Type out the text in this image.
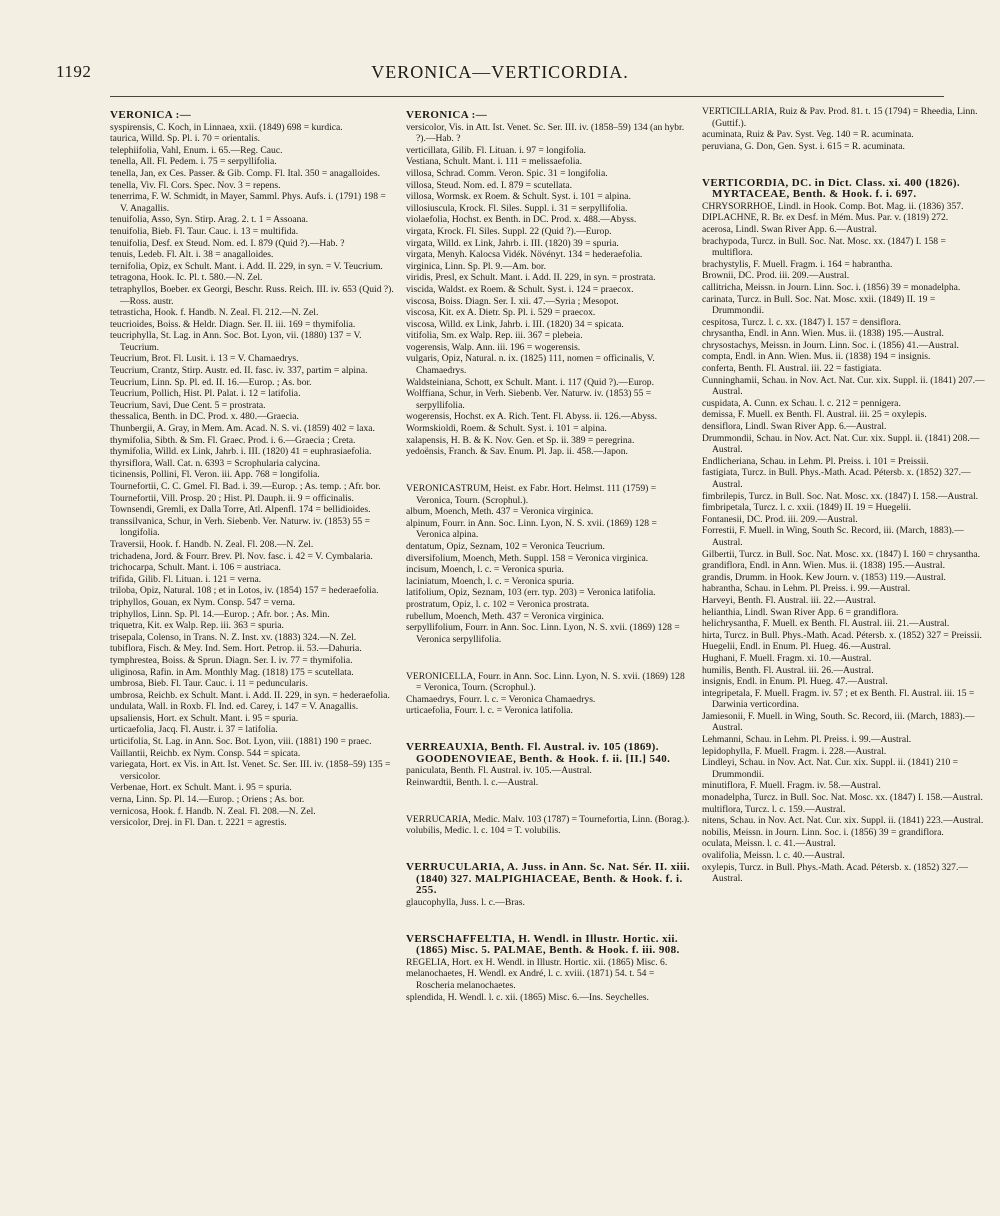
1192	VERONICA—VERTICORDIA.

VERONICA :—

syspirensis, C. Koch, in Linnaea, xxii. (1849) 698 = kurdica.

taurica, Willd. Sp. Pl. i. 70 = orientalis.

telephiifolia, Vahl, Enum. i. 65.—Reg. Cauc.

tenella, All. Fl. Pedem. i. 75 = serpyllifolia.

tenella, Jan, ex Ces. Passer. & Gib. Comp. Fl. Ital. 350 = anagalloides.

tenella, Viv. Fl. Cors. Spec. Nov. 3 = repens.

tenerrima, F. W. Schmidt, in Mayer, Samml. Phys. Aufs. i. (1791) 198 = V. Anagallis.

tenuifolia, Asso, Syn. Stirp. Arag. 2. t. 1 = Assoana.

tenuifolia, Bieb. Fl. Taur. Cauc. i. 13 = multifida.

tenuifolia, Desf. ex Steud. Nom. ed. I. 879 (Quid ?).—Hab. ?

tenuis, Ledeb. Fl. Alt. i. 38 = anagalloides.

ternifolia, Opiz, ex Schult. Mant. i. Add. II. 229, in syn. = V. Teucrium.

tetragona, Hook. Ic. Pl. t. 580.—N. Zel.

tetraphyllos, Boeber. ex Georgi, Beschr. Russ. Reich. III. iv. 653 (Quid ?).—Ross. austr.

tetrasticha, Hook. f. Handb. N. Zeal. Fl. 212.—N. Zel.

teucrioides, Boiss. & Heldr. Diagn. Ser. II. iii. 169 = thymifolia.

teucriphylla, St. Lag. in Ann. Soc. Bot. Lyon, vii. (1880) 137 = V. Teucrium.

Teucrium, Brot. Fl. Lusit. i. 13 = V. Chamaedrys.

Teucrium, Crantz, Stirp. Austr. ed. II. fasc. iv. 337, partim = alpina.

Teucrium, Linn. Sp. Pl. ed. II. 16.—Europ. ; As. bor.

Teucrium, Pollich, Hist. Pl. Palat. i. 12 = latifolia.

Teucrium, Savi, Due Cent. 5 = prostrata.

thessalica, Benth. in DC. Prod. x. 480.—Graecia.

Thunbergii, A. Gray, in Mem. Am. Acad. N. S. vi. (1859) 402 = laxa.

thymifolia, Sibth. & Sm. Fl. Graec. Prod. i. 6.—Graecia ; Creta.

thymifolia, Willd. ex Link, Jahrb. i. III. (1820) 41 = euphrasiaefolia.

thyrsiflora, Wall. Cat. n. 6393 = Scrophularia calycina.

ticinensis, Pollini, Fl. Veron. iii. App. 768 = longifolia.

Tournefortii, C. C. Gmel. Fl. Bad. i. 39.—Europ. ; As. temp. ; Afr. bor.

Tournefortii, Vill. Prosp. 20 ; Hist. Pl. Dauph. ii. 9 = officinalis.

Townsendi, Gremli, ex Dalla Torre, Atl. Alpenfl. 174 = bellidioides.

transsilvanica, Schur, in Verh. Siebenb. Ver. Naturw. iv. (1853) 55 = longifolia.

Traversii, Hook. f. Handb. N. Zeal. Fl. 208.—N. Zel.

trichadena, Jord. & Fourr. Brev. Pl. Nov. fasc. i. 42 = V. Cymbalaria.

trichocarpa, Schult. Mant. i. 106 = austriaca.

trifida, Gilib. Fl. Lituan. i. 121 = verna.

triloba, Opiz, Natural. 108 ; et in Lotos, iv. (1854) 157 = hederaefolia.

triphyllos, Gouan, ex Nym. Consp. 547 = verna.

triphyllos, Linn. Sp. Pl. 14.—Europ. ; Afr. bor. ; As. Min.

triquetra, Kit. ex Walp. Rep. iii. 363 = spuria.

trisepala, Colenso, in Trans. N. Z. Inst. xv. (1883) 324.—N. Zel.

tubiflora, Fisch. & Mey. Ind. Sem. Hort. Petrop. ii. 53.—Dahuria.

tymphrestea, Boiss. & Sprun. Diagn. Ser. I. iv. 77 = thymifolia.

uliginosa, Rafin. in Am. Monthly Mag. (1818) 175 = scutellata.

umbrosa, Bieb. Fl. Taur. Cauc. i. 11 = peduncularis.

umbrosa, Reichb. ex Schult. Mant. i. Add. II. 229, in syn. = hederaefolia.

undulata, Wall. in Roxb. Fl. Ind. ed. Carey, i. 147 = V. Anagallis.

upsaliensis, Hort. ex Schult. Mant. i. 95 = spuria.

urticaefolia, Jacq. Fl. Austr. i. 37 = latifolia.

urticifolia, St. Lag. in Ann. Soc. Bot. Lyon, viii. (1881) 190 = praec.

Vaillantii, Reichb. ex Nym. Consp. 544 = spicata.

variegata, Hort. ex Vis. in Att. Ist. Venet. Sc. Ser. III. iv. (1858–59) 135 = versicolor.

Verbenae, Hort. ex Schult. Mant. i. 95 = spuria.

verna, Linn. Sp. Pl. 14.—Europ. ; Oriens ; As. bor.

vernicosa, Hook. f. Handb. N. Zeal. Fl. 208.—N. Zel.

versicolor, Drej. in Fl. Dan. t. 2221 = agrestis.

VERONICA :—

versicolor, Vis. in Att. Ist. Venet. Sc. Ser. III. iv. (1858–59) 134 (an hybr. ?).—Hab. ?

verticillata, Gilib. Fl. Lituan. i. 97 = longifolia.

Vestiana, Schult. Mant. i. 111 = melissaefolia.

villosa, Schrad. Comm. Veron. Spic. 31 = longifolia.

villosa, Steud. Nom. ed. I. 879 = scutellata.

villosa, Wormsk. ex Roem. & Schult. Syst. i. 101 = alpina.

villosiuscula, Krock. Fl. Siles. Suppl. i. 31 = serpyllifolia.

violaefolia, Hochst. ex Benth. in DC. Prod. x. 488.—Abyss.

virgata, Krock. Fl. Siles. Suppl. 22 (Quid ?).—Europ.

virgata, Willd. ex Link, Jahrb. i. III. (1820) 39 = spuria.

virgata, Menyh. Kalocsa Vidék. Növényt. 134 = hederaefolia.

virginica, Linn. Sp. Pl. 9.—Am. bor.

viridis, Presl, ex Schult. Mant. i. Add. II. 229, in syn. = prostrata.

viscida, Waldst. ex Roem. & Schult. Syst. i. 124 = praecox.

viscosa, Boiss. Diagn. Ser. I. xii. 47.—Syria ; Mesopot.

viscosa, Kit. ex A. Dietr. Sp. Pl. i. 529 = praecox.

viscosa, Willd. ex Link, Jahrb. i. III. (1820) 34 = spicata.

vitifolia, Sm. ex Walp. Rep. iii. 367 = plebeia.

vogerensis, Walp. Ann. iii. 196 = wogerensis.

vulgaris, Opiz, Natural. n. ix. (1825) 111, nomen = officinalis, V. Chamaedrys.

Waldsteiniana, Schott, ex Schult. Mant. i. 117 (Quid ?).—Europ.

Wolffiana, Schur, in Verh. Siebenb. Ver. Naturw. iv. (1853) 55 = serpyllifolia.

wogerensis, Hochst. ex A. Rich. Tent. Fl. Abyss. ii. 126.—Abyss.

Wormskioldi, Roem. & Schult. Syst. i. 101 = alpina.

xalapensis, H. B. & K. Nov. Gen. et Sp. ii. 389 = peregrina.

yedoënsis, Franch. & Sav. Enum. Pl. Jap. ii. 458.—Japon.

VERONICASTRUM, Heist. ex Fabr. Hort. Helmst. 111 (1759) = Veronica, Tourn. (Scrophul.).

album, Moench, Meth. 437 = Veronica virginica.

alpinum, Fourr. in Ann. Soc. Linn. Lyon, N. S. xvii. (1869) 128 = Veronica alpina.

dentatum, Opiz, Seznam, 102 = Veronica Teucrium.

diversifolium, Moench, Meth. Suppl. 158 = Veronica virginica.

incisum, Moench, l. c. = Veronica spuria.

laciniatum, Moench, l. c. = Veronica spuria.

latifolium, Opiz, Seznam, 103 (err. typ. 203) = Veronica latifolia.

prostratum, Opiz, l. c. 102 = Veronica prostrata.

rubellum, Moench, Meth. 437 = Veronica virginica.

serpyllifolium, Fourr. in Ann. Soc. Linn. Lyon, N. S. xvii. (1869) 128 = Veronica serpyllifolia.

VERONICELLA, Fourr. in Ann. Soc. Linn. Lyon, N. S. xvii. (1869) 128 = Veronica, Tourn. (Scrophul.).

Chamaedrys, Fourr. l. c. = Veronica Chamaedrys.

urticaefolia, Fourr. l. c. = Veronica latifolia.

VERREAUXIA, Benth. Fl. Austral. iv. 105 (1869). GOODENOVIEAE, Benth. & Hook. f. ii. [II.] 540.

paniculata, Benth. Fl. Austral. iv. 105.—Austral.

Reinwardtii, Benth. l. c.—Austral.

VERRUCARIA, Medic. Malv. 103 (1787) = Tournefortia, Linn. (Borag.).

volubilis, Medic. l. c. 104 = T. volubilis.

VERRUCULARIA, A. Juss. in Ann. Sc. Nat. Sér. II. xiii. (1840) 327. MALPIGHIACEAE, Benth. & Hook. f. i. 255.

glaucophylla, Juss. l. c.—Bras.

VERSCHAFFELTIA, H. Wendl. in Illustr. Hortic. xii. (1865) Misc. 5. PALMAE, Benth. & Hook. f. iii. 908.

REGELIA, Hort. ex H. Wendl. in Illustr. Hortic. xii. (1865) Misc. 6.

melanochaetes, H. Wendl. ex André, l. c. xviii. (1871) 54. t. 54 = Roscheria melanochaetes.

splendida, H. Wendl. l. c. xii. (1865) Misc. 6.—Ins. Seychelles.

VERTICILLARIA, Ruiz & Pav. Prod. 81. t. 15 (1794) = Rheedia, Linn. (Guttif.).

acuminata, Ruiz & Pav. Syst. Veg. 140 = R. acuminata.

peruviana, G. Don, Gen. Syst. i. 615 = R. acuminata.

VERTICORDIA, DC. in Dict. Class. xi. 400 (1826). MYRTACEAE, Benth. & Hook. f. i. 697.

CHRYSORRHOE, Lindl. in Hook. Comp. Bot. Mag. ii. (1836) 357.

DIPLACHNE, R. Br. ex Desf. in Mém. Mus. Par. v. (1819) 272.

acerosa, Lindl. Swan River App. 6.—Austral.

brachypoda, Turcz. in Bull. Soc. Nat. Mosc. xx. (1847) I. 158 = multiflora.

brachystylis, F. Muell. Fragm. i. 164 = habrantha.

Brownii, DC. Prod. iii. 209.—Austral.

callitricha, Meissn. in Journ. Linn. Soc. i. (1856) 39 = monadelpha.

carinata, Turcz. in Bull. Soc. Nat. Mosc. xxii. (1849) II. 19 = Drummondii.

cespitosa, Turcz. l. c. xx. (1847) I. 157 = densiflora.

chrysantha, Endl. in Ann. Wien. Mus. ii. (1838) 195.—Austral.

chrysostachys, Meissn. in Journ. Linn. Soc. i. (1856) 41.—Austral.

compta, Endl. in Ann. Wien. Mus. ii. (1838) 194 = insignis.

conferta, Benth. Fl. Austral. iii. 22 = fastigiata.

Cunninghamii, Schau. in Nov. Act. Nat. Cur. xix. Suppl. ii. (1841) 207.—Austral.

cuspidata, A. Cunn. ex Schau. l. c. 212 = pennigera.

demissa, F. Muell. ex Benth. Fl. Austral. iii. 25 = oxylepis.

densiflora, Lindl. Swan River App. 6.—Austral.

Drummondii, Schau. in Nov. Act. Nat. Cur. xix. Suppl. ii. (1841) 208.—Austral.

Endlicheriana, Schau. in Lehm. Pl. Preiss. i. 101 = Preissii.

fastigiata, Turcz. in Bull. Phys.-Math. Acad. Pétersb. x. (1852) 327.—Austral.

fimbrilepis, Turcz. in Bull. Soc. Nat. Mosc. xx. (1847) I. 158.—Austral.

fimbripetala, Turcz. l. c. xxii. (1849) II. 19 = Huegelii.

Fontanesii, DC. Prod. iii. 209.—Austral.

Forrestii, F. Muell. in Wing, South Sc. Record, iii. (March, 1883).—Austral.

Gilbertii, Turcz. in Bull. Soc. Nat. Mosc. xx. (1847) I. 160 = chrysantha.

grandiflora, Endl. in Ann. Wien. Mus. ii. (1838) 195.—Austral.

grandis, Drumm. in Hook. Kew Journ. v. (1853) 119.—Austral.

habrantha, Schau. in Lehm. Pl. Preiss. i. 99.—Austral.

Harveyi, Benth. Fl. Austral. iii. 22.—Austral.

helianthia, Lindl. Swan River App. 6 = grandiflora.

helichrysantha, F. Muell. ex Benth. Fl. Austral. iii. 21.—Austral.

hirta, Turcz. in Bull. Phys.-Math. Acad. Pétersb. x. (1852) 327 = Preissii.

Huegelii, Endl. in Enum. Pl. Hueg. 46.—Austral.

Hughani, F. Muell. Fragm. xi. 10.—Austral.

humilis, Benth. Fl. Austral. iii. 26.—Austral.

insignis, Endl. in Enum. Pl. Hueg. 47.—Austral.

integripetala, F. Muell. Fragm. iv. 57 ; et ex Benth. Fl. Austral. iii. 15 = Darwinia verticordina.

Jamiesonii, F. Muell. in Wing, South. Sc. Record, iii. (March, 1883).—Austral.

Lehmanni, Schau. in Lehm. Pl. Preiss. i. 99.—Austral.

lepidophylla, F. Muell. Fragm. i. 228.—Austral.

Lindleyi, Schau. in Nov. Act. Nat. Cur. xix. Suppl. ii. (1841) 210 = Drummondii.

minutiflora, F. Muell. Fragm. iv. 58.—Austral.

monadelpha, Turcz. in Bull. Soc. Nat. Mosc. xx. (1847) I. 158.—Austral.

multiflora, Turcz. l. c. 159.—Austral.

nitens, Schau. in Nov. Act. Nat. Cur. xix. Suppl. ii. (1841) 223.—Austral.

nobilis, Meissn. in Journ. Linn. Soc. i. (1856) 39 = grandiflora.

oculata, Meissn. l. c. 41.—Austral.

ovalifolia, Meissn. l. c. 40.—Austral.

oxylepis, Turcz. in Bull. Phys.-Math. Acad. Pétersb. x. (1852) 327.—Austral.
